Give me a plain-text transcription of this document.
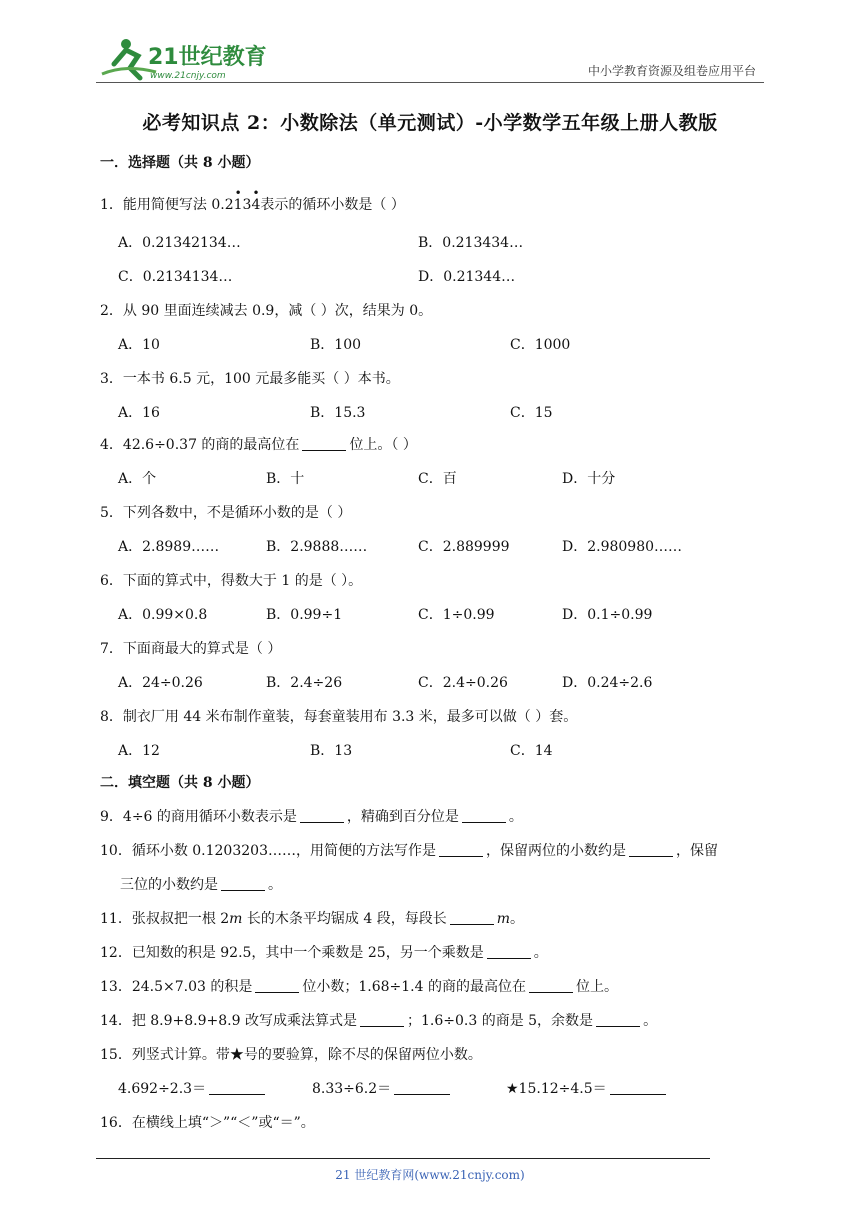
21世纪教育
www.21cnjy.com	中小学教育资源及组卷应用平台
必考知识点 2：小数除法（单元测试）-小学数学五年级上册人教版
一．选择题（共 8 小题）
1．能用简便写法 0.2
•
13
•
4表示的循环小数是（ ）
A．0.21342134…	B．0.213434…
C．0.2134134…	D．0.21344…
2．从 90 里面连续减去 0.9，减（ ）次，结果为 0。
A．10	B．100	C．1000
3．一本书 6.5 元，100 元最多能买（ ）本书。
A．16	B．15.3	C．15
4．42.6÷0.37 的商的最高位在	位上。（ ）
A．个	B．十	C．百	D．十分
5．下列各数中，不是循环小数的是（ ）
A．2.8989……	B．2.9888……	C．2.889999	D．2.980980……
6．下面的算式中，得数大于 1 的是（ ）。
A．0.99×0.8	B．0.99÷1	C．1÷0.99	D．0.1÷0.99
7．下面商最大的算式是（ ）
A．24÷0.26	B．2.4÷26	C．2.4÷0.26	D．0.24÷2.6
8．制衣厂用 44 米布制作童装，每套童装用布 3.3 米，最多可以做（ ）套。
A．12	B．13	C．14
二．填空题（共 8 小题）
9．4÷6 的商用循环小数表示是	，精确到百分位是	。
10．循环小数 0.1203203……，用简便的方法写作是	，保留两位的小数约是	，保留
三位的小数约是	。
11．张叔叔把一根 2m 长的木条平均锯成 4 段，每段长	m。
12．已知数的积是 92.5，其中一个乘数是 25，另一个乘数是	。
13．24.5×7.03 的积是	位小数；1.68÷1.4 的商的最高位在	位上。
14．把 8.9+8.9+8.9 改写成乘法算式是	；1.6÷0.3 的商是 5，余数是	。
15．列竖式计算。带★号的要验算，除不尽的保留两位小数。
4.692÷2.3＝	8.33÷6.2＝	★15.12÷4.5＝
16．在横线上填“＞”“＜”或“＝”。
21 世纪教育网(www.21cnjy.com)
